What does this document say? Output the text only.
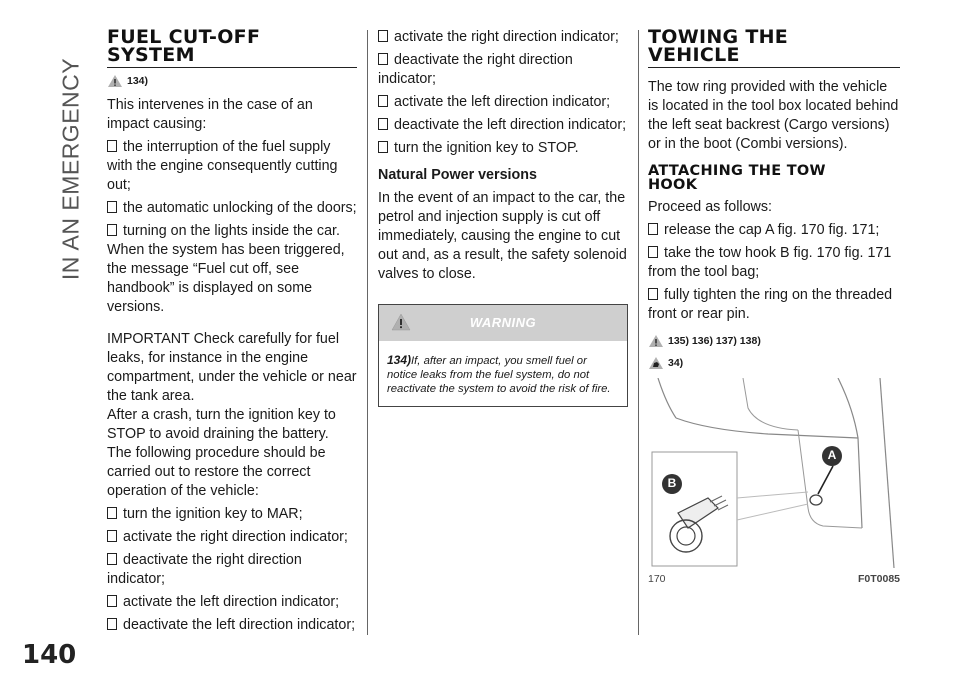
IN AN EMERGENCY
140
FUEL CUT-OFF
SYSTEM
134)

This intervenes in the case of an impact causing:

the interruption of the fuel supply with the engine consequently cutting out;

the automatic unlocking of the doors;

turning on the lights inside the car.

When the system has been triggered, the message “Fuel cut off, see handbook” is displayed on some versions.

IMPORTANT Check carefully for fuel leaks, for instance in the engine compartment, under the vehicle or near the tank area.

After a crash, turn the ignition key to STOP to avoid draining the battery.

The following procedure should be carried out to restore the correct operation of the vehicle:

turn the ignition key to MAR;

activate the right direction indicator;

deactivate the right direction indicator;

activate the left direction indicator;

deactivate the left direction indicator;

activate the right direction indicator;

deactivate the right direction indicator;

activate the left direction indicator;

deactivate the left direction indicator;

turn the ignition key to STOP.

Natural Power versions

In the event of an impact to the car, the petrol and injection supply is cut off immediately, causing the engine to cut out and, as a result, the safety solenoid valves to close.

WARNING
134)If, after an impact, you smell fuel or notice leaks from the fuel system, do not reactivate the system to avoid the risk of fire.
TOWING THE
VEHICLE

The tow ring provided with the vehicle is located in the tool box located behind the left seat backrest (Cargo versions) or in the boot (Combi versions).

ATTACHING THE TOW
HOOK

Proceed as follows:

release the cap A fig. 170 fig. 171;

take the tow hook B fig. 170 fig. 171 from the tool bag;

fully tighten the ring on the threaded front or rear pin.

135) 136) 137) 138)
34)
A
B
170	F0T0085
